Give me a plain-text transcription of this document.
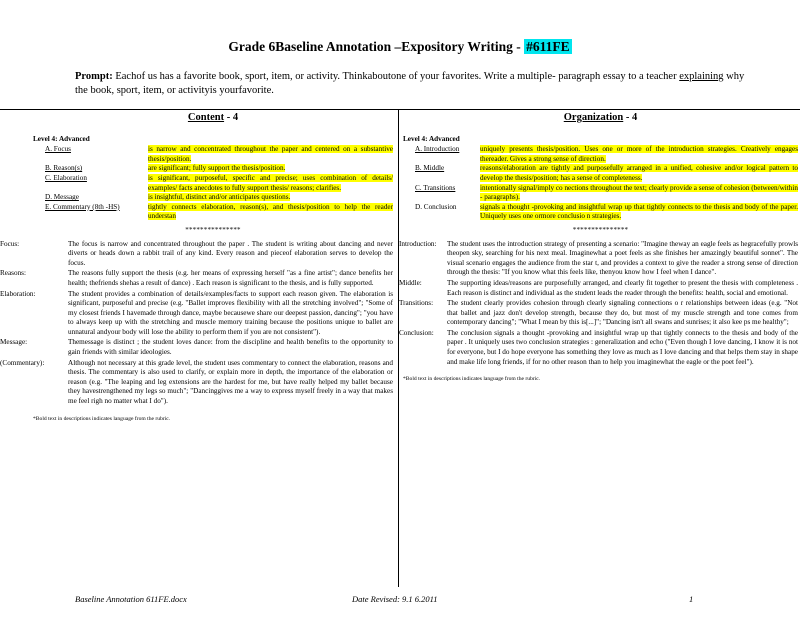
Grade 6Baseline Annotation –Expository Writing - #611FE
Prompt: Eachof us has a favorite book, sport, item, or activity. Thinkaboutone of your favorites. Write a multiple- paragraph essay to a teacher explaining why the book, sport, item, or activityis yourfavorite.
Content - 4
Level 4: Advanced
A. Focus	is narrow and concentrated throughout the paper and centered on a substantive thesis/position.
B. Reason(s)	are significant; fully support the thesis/position.
C. Elaboration	is significant, purposeful, specific and precise; uses combination of details/ examples/ facts anecdotes to fully support thesis/ reasons; clarifies.
D. Message	is insightful, distinct and/or anticipates questions.
E. Commentary (8th -HS)	tightly connects elaboration, reason(s), and thesis/position to help the reader understan
***************
Focus:	The focus is narrow and concentrated throughout the paper . The student is writing about dancing and never diverts or heads down a rabbit trail of any kind. Every reason and pieceof elaboration serves to develop the focus.
Reasons:	The reasons fully support the thesis (e.g. her means of expressing herself "as a fine artist"; dance benefits her health; thefriends shehas a result of dance) . Each reason is significant to the thesis, and is fully supported.
Elaboration:	The student provides a combination of details/examples/facts to support each reason given. The elaboration is significant, purposeful and precise (e.g. "Ballet improves flexibility with all the stretching involved"; "Some of my closest friends I havemade through dance, maybe becausewe share our deepest passion, dancing"; "you have to always keep up with the stretching and muscle memory training because the positions unique to ballet are unnatural andyour body will lose the ability to perform them if you are not consistent").
Message:	Themessage is distinct ; the student loves dance: from the discipline and health benefits to the opportunity to gain friends with similar ideologies.
(Commentary):	Although not necessary at this grade level, the student uses commentary to connect the elaboration, reasons and thesis. The commentary is also used to clarify, or explain more in depth, the importance of the elaboration or reason (e.g. "The leaping and leg extensions are the hardest for me, but have really helped my ballet because they havestrengthened my legs so much"; "Dancinggives me a way to express myself freely in a way that makes me feel righ no matter what I do").
*Bold text in descriptions indicates language from the rubric.
Organization - 4
Level 4: Advanced
A. Introduction	uniquely presents thesis/position. Uses one or more of the introduction strategies. Creatively engages thereader. Gives a strong sense of direction.
B. Middle	reasons/elaboration are tightly and purposefully arranged in a unified, cohesive and/or logical pattern to develop the thesis/position; has a sense of completeness.
C. Transitions	intentionally signal/imply co nections throughout the text; clearly provide a sense of cohesion (between/within - paragraphs).
D. Conclusion	signals a thought -provoking and insightful wrap up that tightly connects to the thesis and body of the paper. Uniquely uses one ormore conclusio n strategies.
***************
Introduction:	The student uses the introduction strategy of presenting a scenario: "Imagine theway an eagle feels as hegracefully prowls theopen sky, searching for his next meal. Imaginewhat a poet feels as she finishes her amazingly beautiful sonnet". The visual scenario engages the audience from the star t, and provides a context to give the reader a strong sense of direction through the thesis: "If you know what this feels like, thenyou know how I feel when I dance".
Middle:	The supporting ideas/reasons are purposefully arranged, and clearly fit together to present the thesis with completeness . Each reason is distinct and individual as the student leads the reader through the benefits: health, social and emotional.
Transitions:	The student clearly provides cohesion through clearly signaling connections o r relationships between ideas (e.g. "Not that ballet and jazz don't develop strength, because they do, but most of my muscle strength and tone comes from contemporary dancing"; "What I mean by this is[...]"; "Dancing isn't all swans and sunrises; it also kee ps me healthy";
Conclusion:	The conclusion signals a thought -provoking and insightful wrap up that tightly connects to the thesis and body of the paper . It uniquely uses two conclusion strategies : generalization and echo ("Even though I love dancing, I know it is not for everyone, but I do hope everyone has something they love as much as I love dancing and that helps them stay in shape and make life long friends, if for no other reason than to help you imaginewhat the eagle or the poet feel").
*Bold text in descriptions indicates language from the rubric.
Baseline Annotation 611FE.docx	Date Revised: 9.1 6.2011	1
